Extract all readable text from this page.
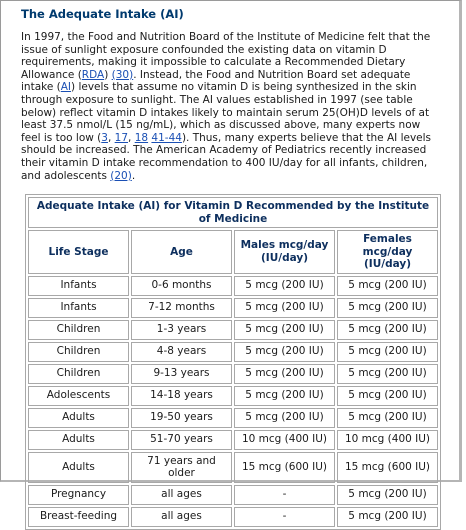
The Adequate Intake (AI)

In 1997, the Food and Nutrition Board of the Institute of Medicine felt that the issue of sunlight exposure confounded the existing data on vitamin D requirements, making it impossible to calculate a Recommended Dietary Allowance (RDA) (30). Instead, the Food and Nutrition Board set adequate intake (AI) levels that assume no vitamin D is being synthesized in the skin through exposure to sunlight. The AI values established in 1997 (see table below) reflect vitamin D intakes likely to maintain serum 25(OH)D levels of at least 37.5 nmol/L (15 ng/mL), which as discussed above, many experts now feel is too low (3, 17, 18 41-44). Thus, many experts believe that the AI levels should be increased. The American Academy of Pediatrics recently increased their vitamin D intake recommendation to 400 IU/day for all infants, children, and adolescents (20).

Adequate Intake (AI) for Vitamin D Recommended by the Institute of Medicine			
Life Stage	Age	Males mcg/day (IU/day)	Females mcg/day (IU/day)
Infants	0-6 months	5 mcg (200 IU)	5 mcg (200 IU)
Infants	7-12 months	5 mcg (200 IU)	5 mcg (200 IU)
Children	1-3 years	5 mcg (200 IU)	5 mcg (200 IU)
Children	4-8 years	5 mcg (200 IU)	5 mcg (200 IU)
Children	9-13 years	5 mcg (200 IU)	5 mcg (200 IU)
Adolescents	14-18 years	5 mcg (200 IU)	5 mcg (200 IU)
Adults	19-50 years	5 mcg (200 IU)	5 mcg (200 IU)
Adults	51-70 years	10 mcg (400 IU)	10 mcg (400 IU)
Adults	71 years and older	15 mcg (600 IU)	15 mcg (600 IU)
Pregnancy	all ages	-	5 mcg (200 IU)
Breast-feeding	all ages	-	5 mcg (200 IU)
